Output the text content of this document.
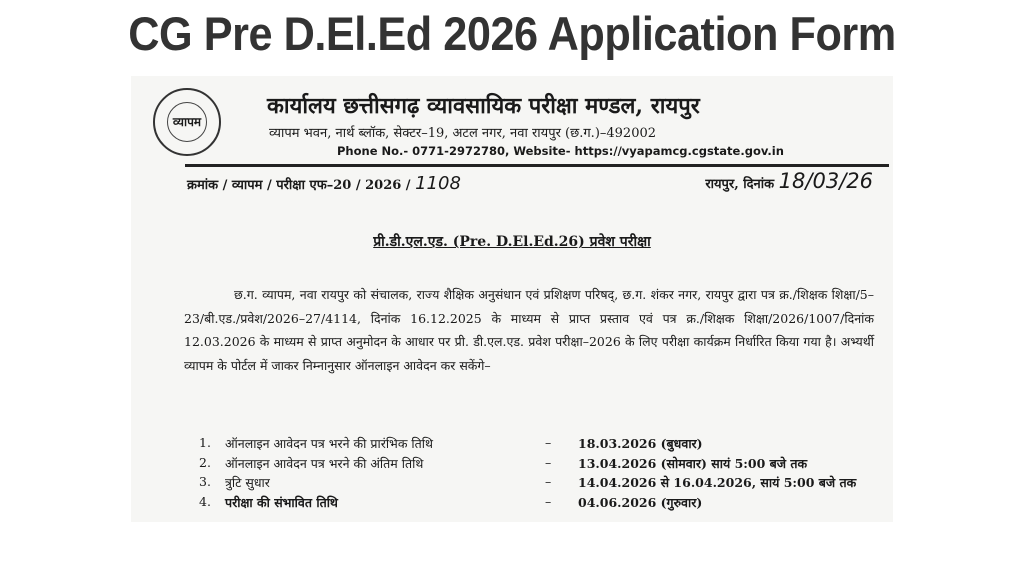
CG Pre D.El.Ed 2026 Application Form
व्यापम
कार्यालय छत्तीसगढ़ व्यावसायिक परीक्षा मण्डल, रायपुर
व्यापम भवन, नार्थ ब्लॉक, सेक्टर–19, अटल नगर, नवा रायपुर (छ.ग.)–492002
Phone No.- 0771-2972780, Website- https://vyapamcg.cgstate.gov.in
क्रमांक / व्यापम / परीक्षा एफ–20 / 2026 / 1108	रायपुर, दिनांक 18/03/26
प्री.डी.एल.एड. (Pre. D.El.Ed.26) प्रवेश परीक्षा
छ.ग. व्यापम, नवा रायपुर को संचालक, राज्य शैक्षिक अनुसंधान एवं प्रशिक्षण परिषद्, छ.ग. शंकर नगर, रायपुर द्वारा पत्र क्र./शिक्षक शिक्षा/5–23/बी.एड./प्रवेश/2026–27/4114, दिनांक 16.12.2025 के माध्यम से प्राप्त प्रस्ताव एवं पत्र क्र./शिक्षक शिक्षा/2026/1007/दिनांक 12.03.2026 के माध्यम से प्राप्त अनुमोदन के आधार पर प्री. डी.एल.एड. प्रवेश परीक्षा–2026 के लिए परीक्षा कार्यक्रम निर्धारित किया गया है। अभ्यर्थी व्यापम के पोर्टल में जाकर निम्नानुसार ऑनलाइन आवेदन कर सकेंगे–
1.	ऑनलाइन आवेदन पत्र भरने की प्रारंभिक तिथि	– 18.03.2026 (बुधवार)
2.	ऑनलाइन आवेदन पत्र भरने की अंतिम तिथि	– 13.04.2026 (सोमवार) सायं 5:00 बजे तक
3.	त्रुटि सुधार	– 14.04.2026 से 16.04.2026, सायं 5:00 बजे तक
4.	परीक्षा की संभावित तिथि	– 04.06.2026 (गुरुवार)
